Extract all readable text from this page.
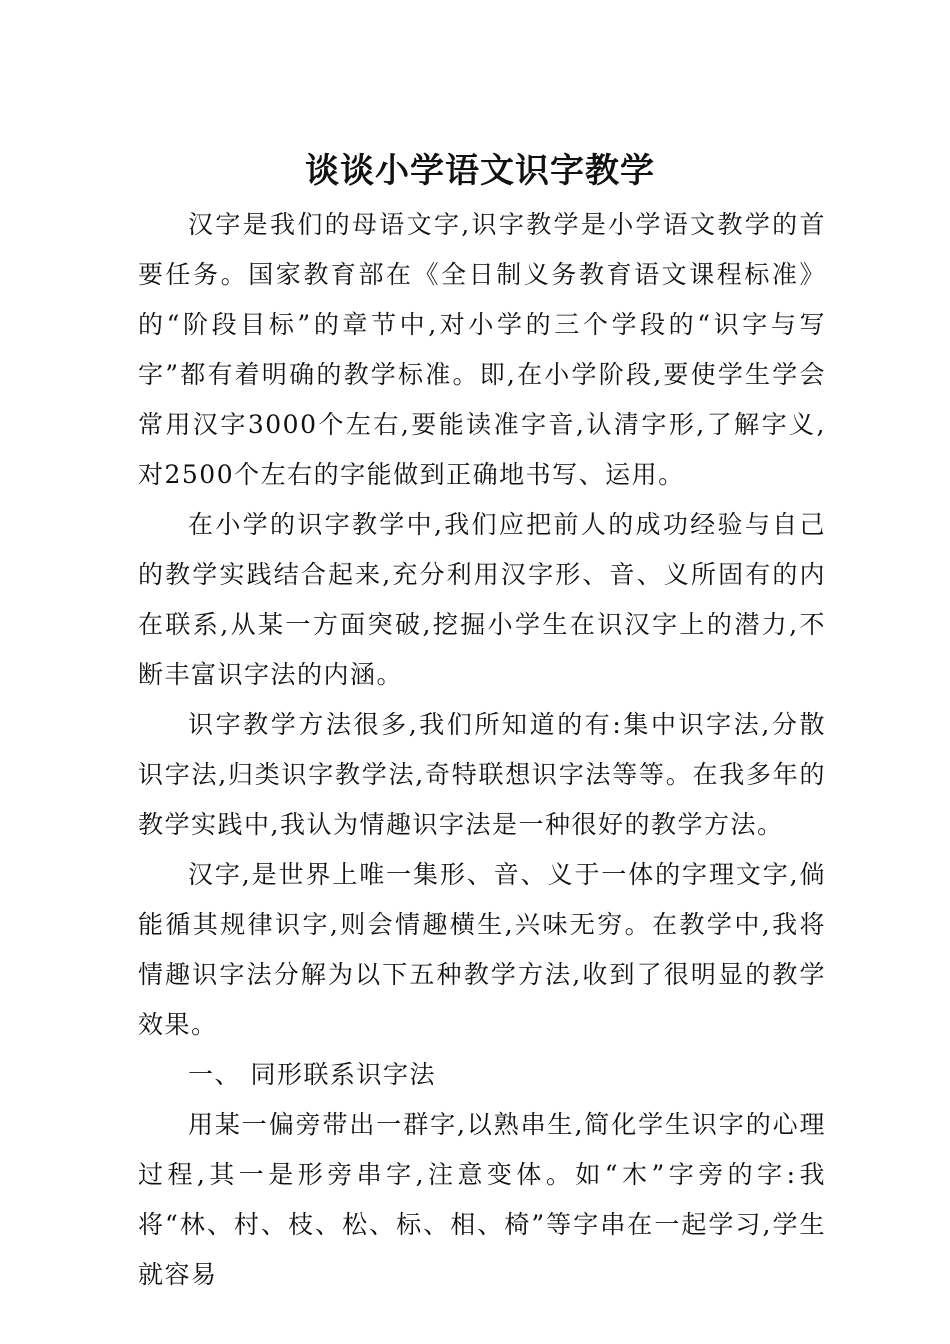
谈谈小学语文识字教学

汉字是我们的母语文字,识字教学是小学语文教学的首要任务。国家教育部在《全日制义务教育语文课程标准》的“阶段目标”的章节中,对小学的三个学段的“识字与写字”都有着明确的教学标准。即,在小学阶段,要使学生学会常用汉字3000个左右,要能读准字音,认清字形,了解字义,对2500个左右的字能做到正确地书写、运用。

在小学的识字教学中,我们应把前人的成功经验与自己的教学实践结合起来,充分利用汉字形、音、义所固有的内在联系,从某一方面突破,挖掘小学生在识汉字上的潜力,不断丰富识字法的内涵。

识字教学方法很多,我们所知道的有:集中识字法,分散识字法,归类识字教学法,奇特联想识字法等等。在我多年的教学实践中,我认为情趣识字法是一种很好的教学方法。

汉字,是世界上唯一集形、音、义于一体的字理文字,倘能循其规律识字,则会情趣横生,兴味无穷。在教学中,我将情趣识字法分解为以下五种教学方法,收到了很明显的教学效果。

一、 同形联系识字法

用某一偏旁带出一群字,以熟串生,简化学生识字的心理过程,其一是形旁串字,注意变体。如“木”字旁的字:我将“林、村、枝、松、标、相、椅”等字串在一起学习,学生就容易
